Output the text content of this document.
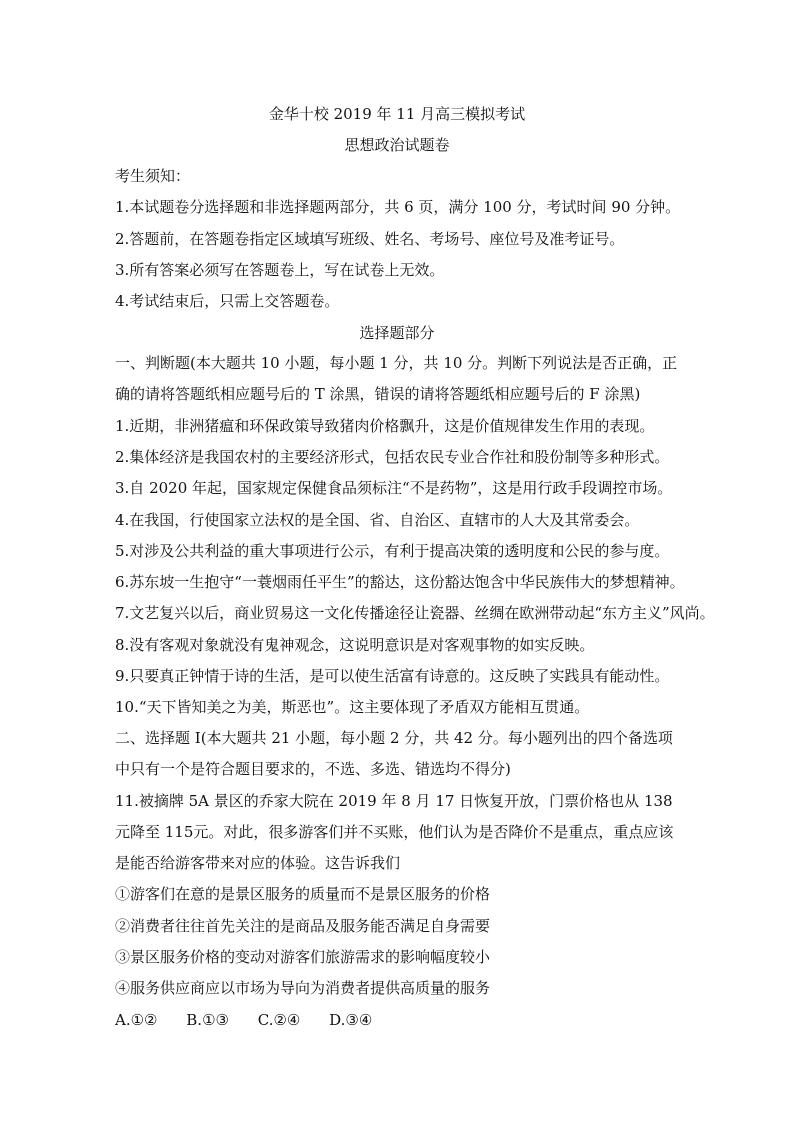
金华十校 2019 年 11 月高三模拟考试
思想政治试题卷
考生须知：
1.本试题卷分选择题和非选择题两部分，共 6 页，满分 100 分，考试时间 90 分钟。
2.答题前，在答题卷指定区域填写班级、姓名、考场号、座位号及准考证号。
3.所有答案必须写在答题卷上，写在试卷上无效。
4.考试结束后，只需上交答题卷。
选择题部分
一、判断题(本大题共 10 小题，每小题 1 分，共 10 分。判断下列说法是否正确，正确的请将答题纸相应题号后的 T 涂黑，错误的请将答题纸相应题号后的 F 涂黑)
1.近期，非洲猪瘟和环保政策导致猪肉价格飘升，这是价值规律发生作用的表现。
2.集体经济是我国农村的主要经济形式，包括农民专业合作社和股份制等多种形式。
3.自 2020 年起，国家规定保健食品须标注“不是药物”，这是用行政手段调控市场。
4.在我国，行使国家立法权的是全国、省、自治区、直辖市的人大及其常委会。
5.对涉及公共利益的重大事项进行公示，有利于提高决策的透明度和公民的参与度。
6.苏东坡一生抱守“一蓑烟雨任平生”的豁达，这份豁达饱含中华民族伟大的梦想精神。
7.文艺复兴以后，商业贸易这一文化传播途径让瓷器、丝绸在欧洲带动起“东方主义”风尚。
8.没有客观对象就没有鬼神观念，这说明意识是对客观事物的如实反映。
9.只要真正钟情于诗的生活，是可以使生活富有诗意的。这反映了实践具有能动性。
10.“天下皆知美之为美，斯恶也”。这主要体现了矛盾双方能相互贯通。
二、选择题 I(本大题共 21 小题，每小题 2 分，共 42 分。每小题列出的四个备选项中只有一个是符合题目要求的，不选、多选、错选均不得分)
11.被摘牌 5A 景区的乔家大院在 2019 年 8 月 17 日恢复开放，门票价格也从 138元降至 115元。对此，很多游客们并不买账，他们认为是否降价不是重点，重点应该是能否给游客带来对应的体验。这告诉我们
①游客们在意的是景区服务的质量而不是景区服务的价格
②消费者往往首先关注的是商品及服务能否满足自身需要
③景区服务价格的变动对游客们旅游需求的影响幅度较小
④服务供应商应以市场为导向为消费者提供高质量的服务
A.①② B.①③ C.②④ D.③④
